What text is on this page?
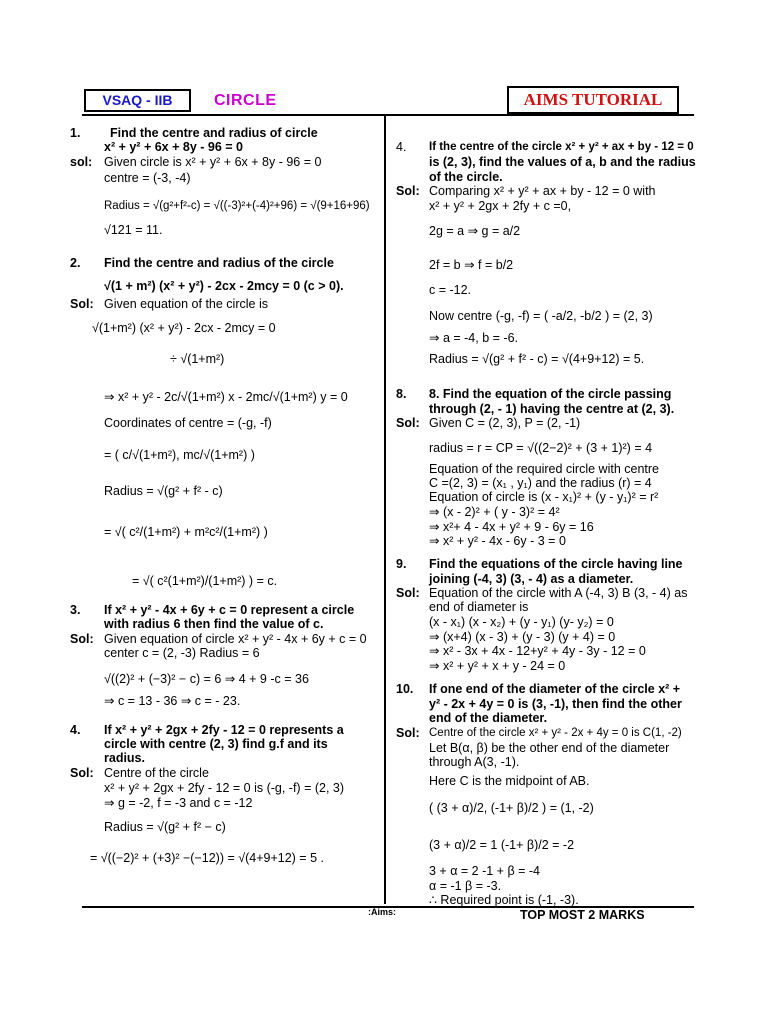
VSAQ - IIB	CIRCLE	AIMS TUTORIAL
1. Find the centre and radius of circle
x² + y² + 6x + 8y - 96 = 0
sol: Given circle is x² + y² + 6x + 8y - 96 = 0
centre = (-3, -4)
Radius = √(g²+f²-c) = √((-3)²+(-4)²+96) = √(9+16+96)
√121 = 11.
2. Find the centre and radius of the circle
√(1 + m²) (x² + y²) - 2cx - 2mcy = 0 (c > 0).
Sol: Given equation of the circle is
√(1+m²) (x² + y²) - 2cx - 2mcy = 0
÷ √(1+m²)
⇒ x² + y² - 2c/√(1+m²) x - 2mc/√(1+m²) y = 0
Coordinates of centre = (-g, -f)
= ( c/√(1+m²), mc/√(1+m²) )
Radius = √(g² + f² - c)
= √( c²/(1+m²) + m²c²/(1+m²) )
= √( c²(1+m²)/(1+m²) ) = c.
3. If x² + y² - 4x + 6y + c = 0 represent a circle
with radius 6 then find the value of c.
Sol: Given equation of circle x² + y² - 4x + 6y + c = 0
center c = (2, -3) Radius = 6
√((2)² + (−3)² − c) = 6 ⇒ 4 + 9 -c = 36
⇒ c = 13 - 36 ⇒ c = - 23.
4. If x² + y² + 2gx + 2fy - 12 = 0 represents a
circle with centre (2, 3) find g.f and its
radius.
Sol: Centre of the circle
x² + y² + 2gx + 2fy - 12 = 0 is (-g, -f) = (2, 3)
⇒ g = -2, f = -3 and c = -12
Radius = √(g² + f² − c)
= √((−2)² + (+3)² −(−12)) = √(4+9+12) = 5 .
4. If the centre of the circle x² + y² + ax + by - 12 = 0
is (2, 3), find the values of a, b and the radius
of the circle.
Sol: Comparing x² + y² + ax + by - 12 = 0 with
x² + y² + 2gx + 2fy + c =0,
2g = a ⇒ g = a/2
2f = b ⇒ f = b/2
c = -12.
Now centre (-g, -f) = ( -a/2, -b/2 ) = (2, 3)
⇒ a = -4, b = -6.
Radius = √(g² + f² - c) = √(4+9+12) = 5.
8. 8. Find the equation of the circle passing
through (2, - 1) having the centre at (2, 3).
Sol: Given C = (2, 3), P = (2, -1)
radius = r = CP = √((2−2)² + (3 + 1)²) = 4
Equation of the required circle with centre
C =(2, 3) = (x₁ , y₁) and the radius (r) = 4
Equation of circle is (x - x₁)² + (y - y₁)² = r²
⇒ (x - 2)² + ( y - 3)² = 4²
⇒ x²+ 4 - 4x + y² + 9 - 6y = 16
⇒ x² + y² - 4x - 6y - 3 = 0
9. Find the equations of the circle having line
joining (-4, 3) (3, - 4) as a diameter.
Sol: Equation of the circle with A (-4, 3) B (3, - 4) as
end of diameter is
(x - x₁) (x - x₂) + (y - y₁) (y- y₂) = 0
⇒ (x+4) (x - 3) + (y - 3) (y + 4) = 0
⇒ x² - 3x + 4x - 12+y² + 4y - 3y - 12 = 0
⇒ x² + y² + x + y - 24 = 0
10. If one end of the diameter of the circle x² +
y² - 2x + 4y = 0 is (3, -1), then find the other
end of the diameter.
Sol: Centre of the circle x² + y² - 2x + 4y = 0 is C(1, -2)
Let B(α, β) be the other end of the diameter
through A(3, -1).
Here C is the midpoint of AB.
( (3 + α)/2, (-1+ β)/2 ) = (1, -2)
(3 + α)/2 = 1 (-1+ β)/2 = -2
3 + α = 2 -1 + β = -4
α = -1 β = -3.
∴ Required point is (-1, -3).
:Aims:	TOP MOST 2 MARKS
